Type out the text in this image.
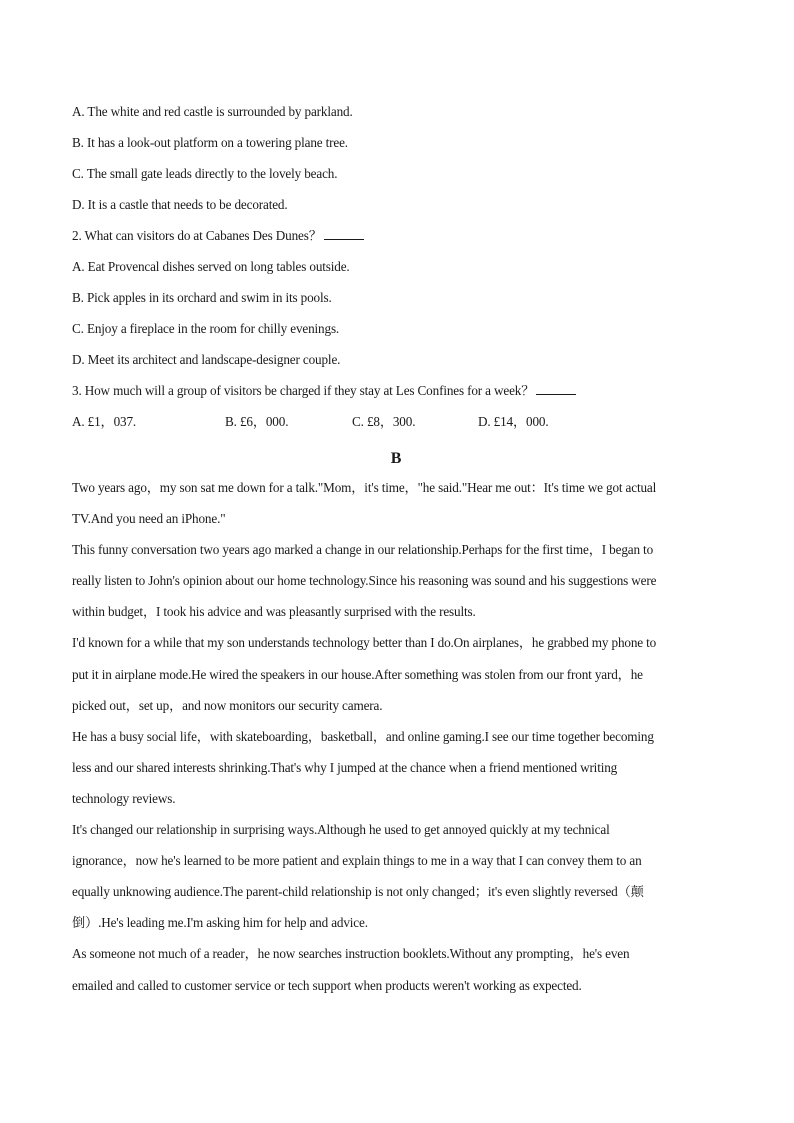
A. The white and red castle is surrounded by parkland.

B. It has a look-out platform on a towering plane tree.

C. The small gate leads directly to the lovely beach.

D. It is a castle that needs to be decorated.

2. What can visitors do at Cabanes Des Dunes？

A. Eat Provencal dishes served on long tables outside.

B. Pick apples in its orchard and swim in its pools.

C. Enjoy a fireplace in the room for chilly evenings.

D. Meet its architect and landscape-designer couple.

3. How much will a group of visitors be charged if they stay at Les Confines for a week？

A. £1，037.	B. £6，000.	C. £8，300.	D. £14，000.
B

Two years ago，my son sat me down for a talk."Mom，it's time，"he said."Hear me out：It's time we got actual

TV.And you need an iPhone."

This funny conversation two years ago marked a change in our relationship.Perhaps for the first time，I began to

really listen to John's opinion about our home technology.Since his reasoning was sound and his suggestions were

within budget，I took his advice and was pleasantly surprised with the results.

I'd known for a while that my son understands technology better than I do.On airplanes，he grabbed my phone to

put it in airplane mode.He wired the speakers in our house.After something was stolen from our front yard，he

picked out，set up，and now monitors our security camera.

He has a busy social life，with skateboarding，basketball，and online gaming.I see our time together becoming

less and our shared interests shrinking.That's why I jumped at the chance when a friend mentioned writing

technology reviews.

It's changed our relationship in surprising ways.Although he used to get annoyed quickly at my technical

ignorance，now he's learned to be more patient and explain things to me in a way that I can convey them to an

equally unknowing audience.The parent-child relationship is not only changed；it's even slightly reversed（颠

倒）.He's leading me.I'm asking him for help and advice.

As someone not much of a reader，he now searches instruction booklets.Without any prompting，he's even

emailed and called to customer service or tech support when products weren't working as expected.
